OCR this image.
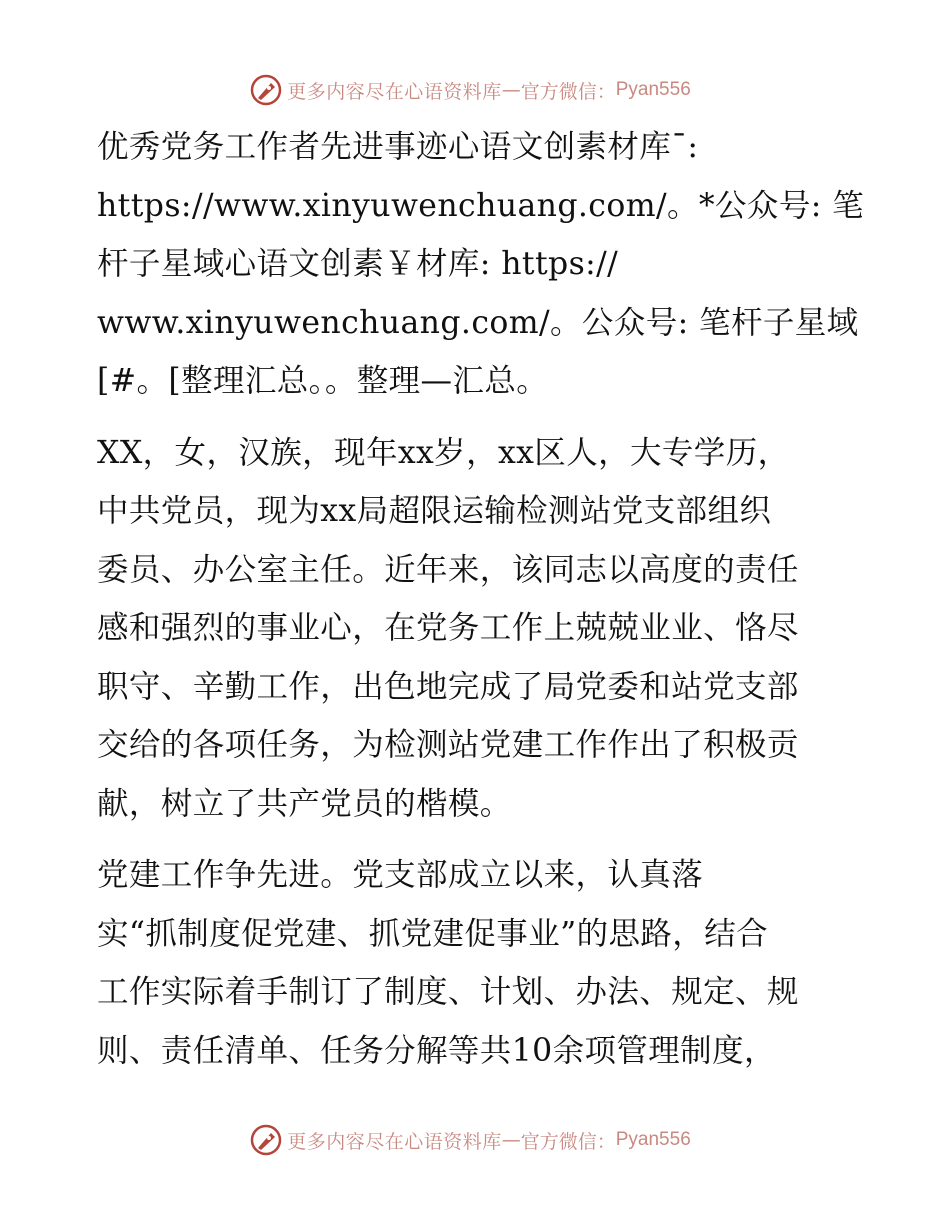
更多内容尽在心语资料库 — 官方微信： Pyan556

优秀党务工作者先进事迹心语文创素材库¯:
https://www.xinyuwenchuang.com/。*公众号: 笔
杆子星域心语文创素￥材库: https://
www.xinyuwenchuang.com/。公众号: 笔杆子星域
[#。[整理汇总。。整理—汇总。

XX，女，汉族，现年xx岁，xx区人，大专学历，
中共党员，现为xx局超限运输检测站党支部组织
委员、办公室主任。近年来，该同志以高度的责任
感和强烈的事业心，在党务工作上兢兢业业、恪尽
职守、辛勤工作，出色地完成了局党委和站党支部
交给的各项任务，为检测站党建工作作出了积极贡
献，树立了共产党员的楷模。

党建工作争先进。党支部成立以来，认真落
实“抓制度促党建、抓党建促事业”的思路，结合
工作实际着手制订了制度、计划、办法、规定、规
则、责任清单、任务分解等共10余项管理制度，

更多内容尽在心语资料库 — 官方微信： Pyan556
